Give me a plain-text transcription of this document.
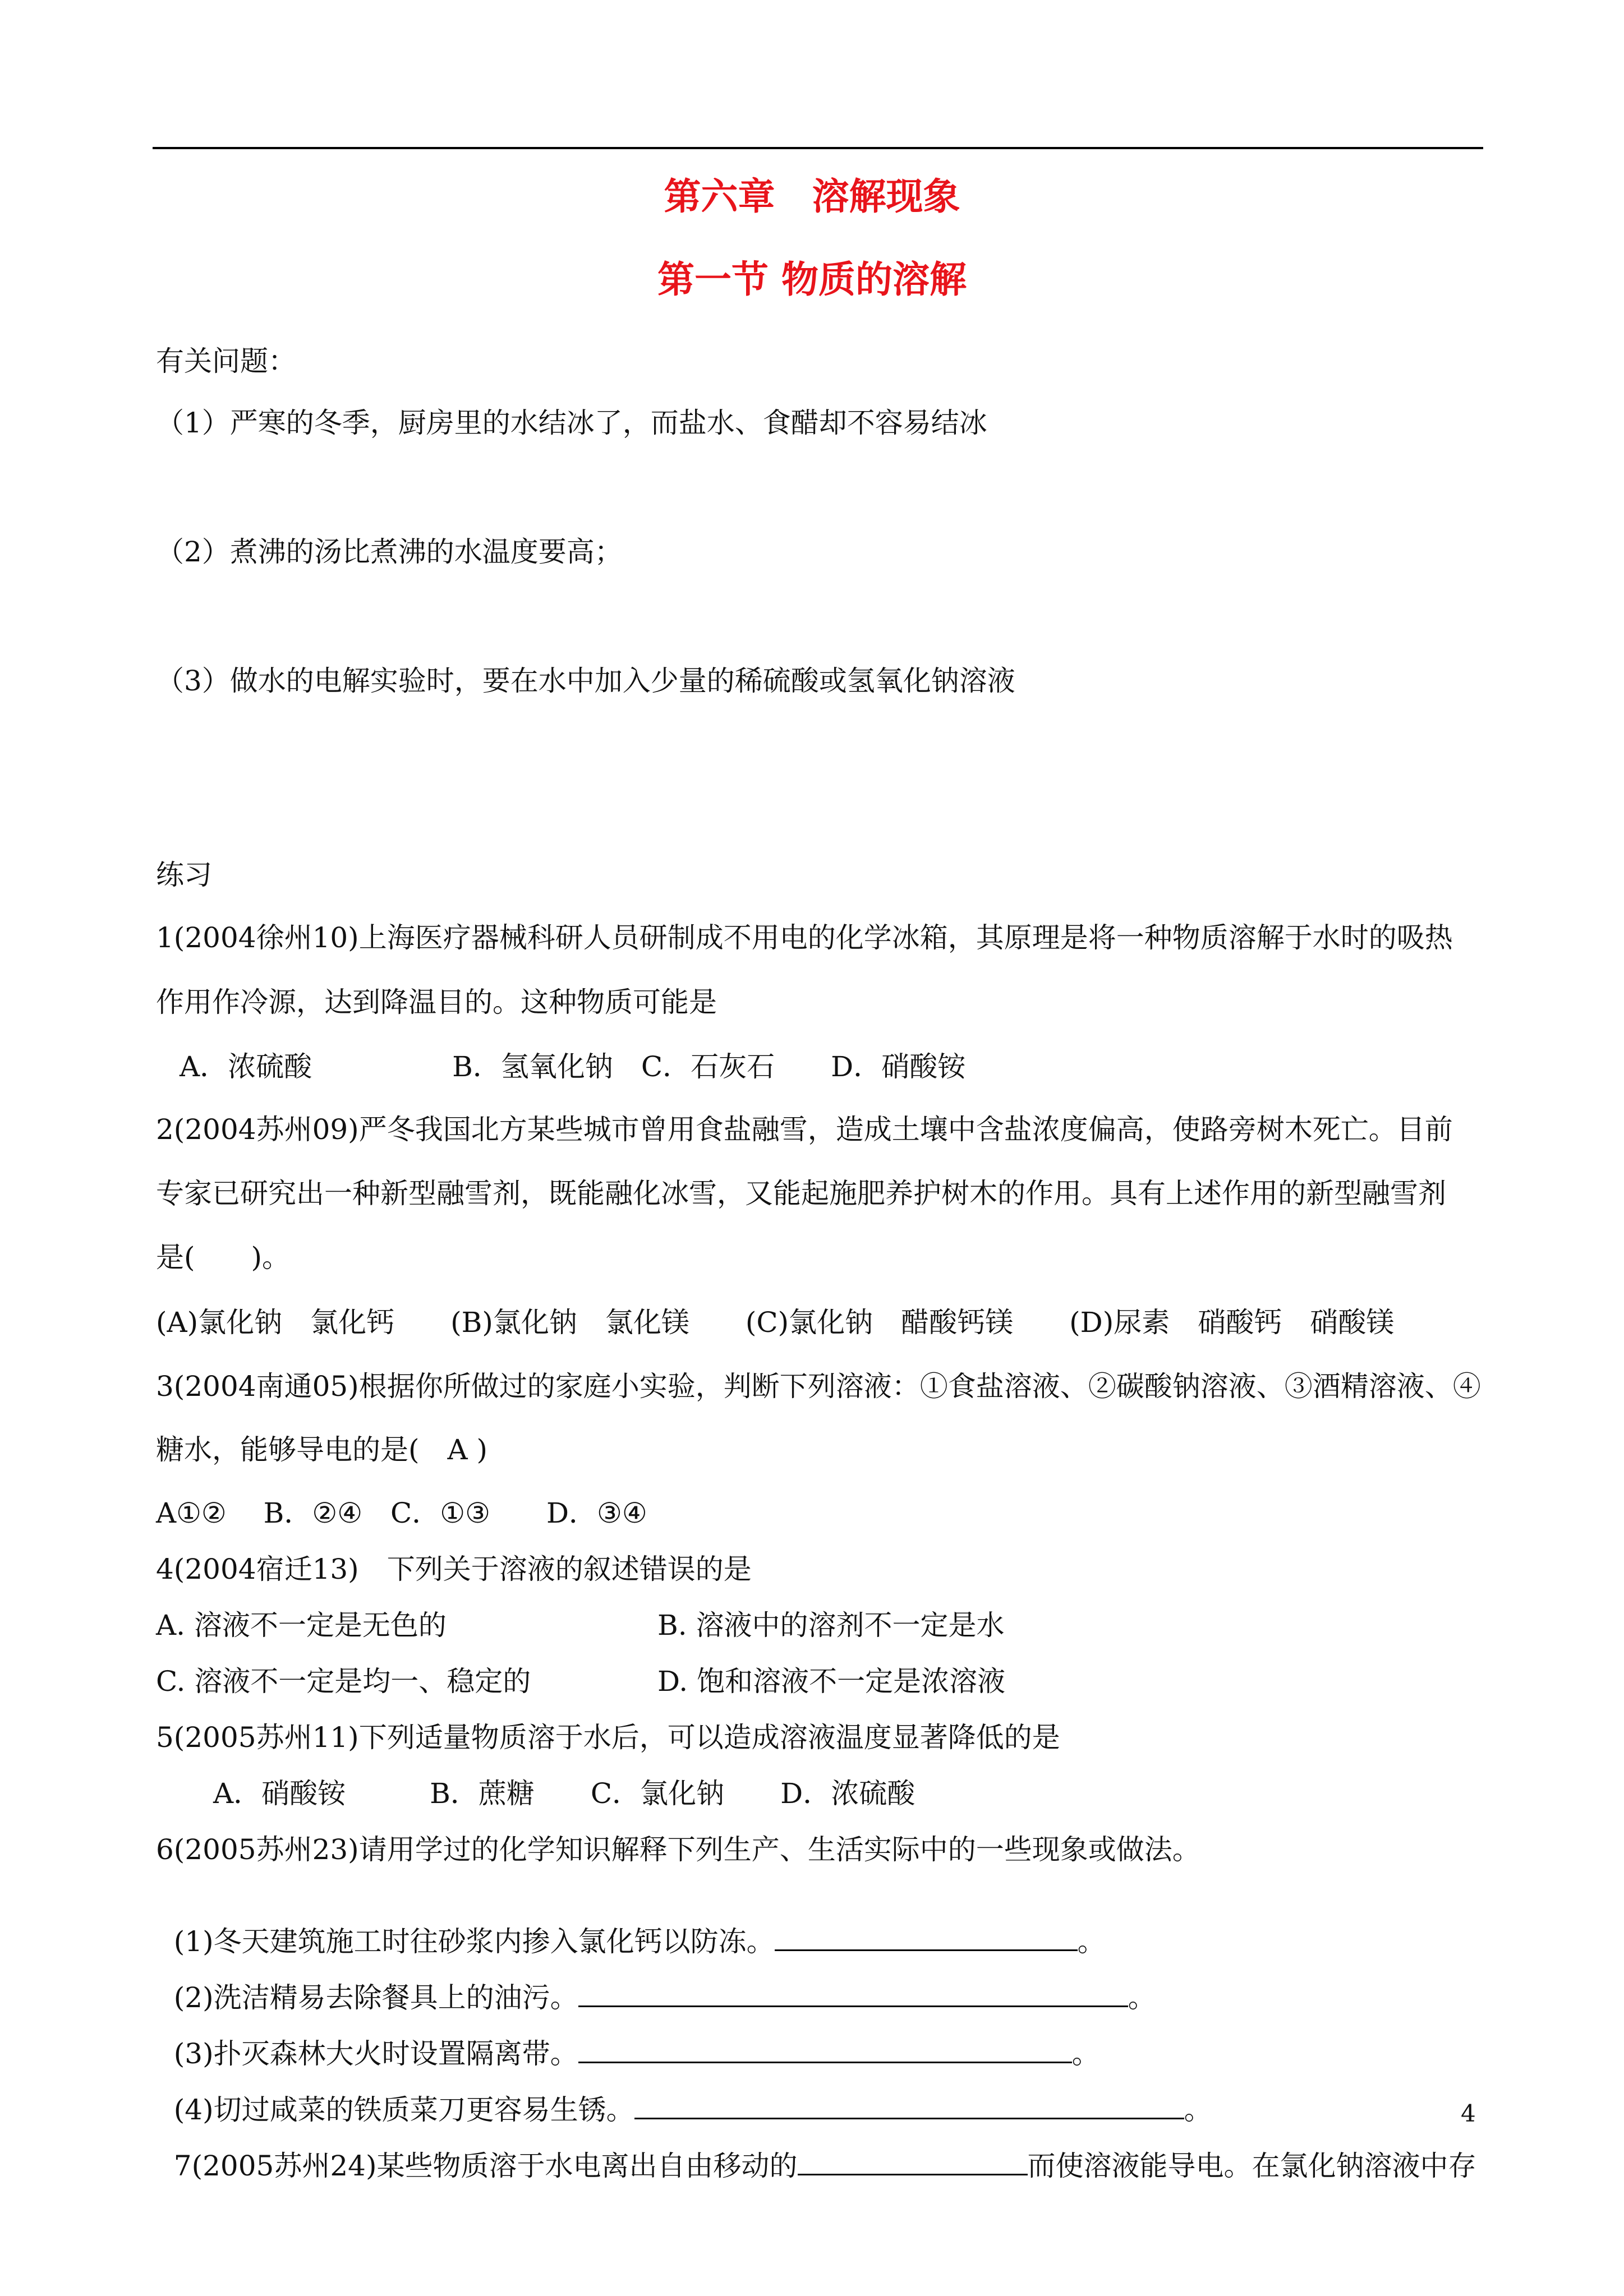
第六章　溶解现象
第一节 物质的溶解
有关问题：
（1）严寒的冬季，厨房里的水结冰了，而盐水、食醋却不容易结冰
（2）煮沸的汤比煮沸的水温度要高；
（3）做水的电解实验时，要在水中加入少量的稀硫酸或氢氧化钠溶液
练习
1(2004徐州10)上海医疗器械科研人员研制成不用电的化学冰箱，其原理是将一种物质溶解于水时的吸热
作用作冷源，达到降温目的。这种物质可能是
A．浓硫酸　　　　　B．氢氧化钠　C．石灰石　　D．硝酸铵
2(2004苏州09)严冬我国北方某些城市曾用食盐融雪，造成土壤中含盐浓度偏高，使路旁树木死亡。目前
专家已研究出一种新型融雪剂，既能融化冰雪，又能起施肥养护树木的作用。具有上述作用的新型融雪剂
是(　　)。
(A)氯化钠　氯化钙　　(B)氯化钠　氯化镁　　(C)氯化钠　醋酸钙镁　　(D)尿素　硝酸钙　硝酸镁
3(2004南通05)根据你所做过的家庭小实验，判断下列溶液：①食盐溶液、②碳酸钠溶液、③酒精溶液、④
糖水，能够导电的是(　A )
A①②　 B．②④　C．①③　　D．③④
4(2004宿迁13)　下列关于溶液的叙述错误的是
A. 溶液不一定是无色的	B. 溶液中的溶剂不一定是水
C. 溶液不一定是均一、稳定的	D. 饱和溶液不一定是浓溶液
5(2005苏州11)下列适量物质溶于水后，可以造成溶液温度显著降低的是
A．硝酸铵　　　B．蔗糖　　C．氯化钠　　D．浓硫酸
6(2005苏州23)请用学过的化学知识解释下列生产、生活实际中的一些现象或做法。

(1)冬天建筑施工时往砂浆内掺入氯化钙以防冻。	。

(2)洗洁精易去除餐具上的油污。	。

(3)扑灭森林大火时设置隔离带。	。

(4)切过咸菜的铁质菜刀更容易生锈。	。

7(2005苏州24)某些物质溶于水电离出自由移动的	而使溶液能导电。在氯化钠溶液中存

4
